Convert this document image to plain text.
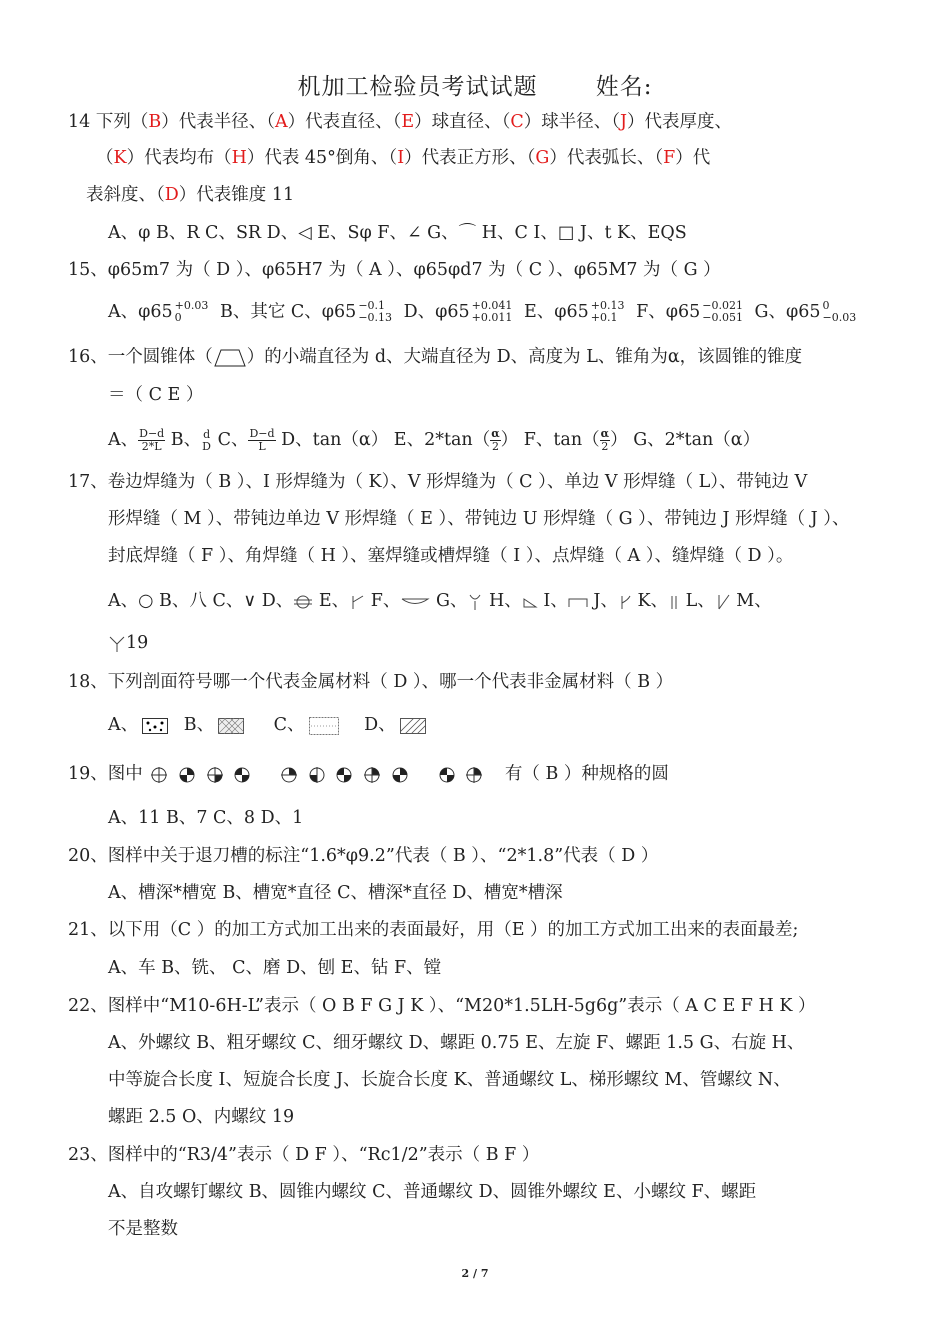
机加工检验员考试试题	姓名:
14 下列（B）代表半径、（A）代表直径、（E）球直径、（C）球半径、（J）代表厚度、
（K）代表均布（H）代表 45°倒角、（I）代表正方形、（G）代表弧长、（F）代
表斜度、（D）代表锥度 11
A、φ B、R C、SR D、◁ E、Sφ F、∠ G、⌒ H、C I、□ J、t K、EQS
15、φ65m7 为（ D ）、φ65H7 为（ A ）、φ65φd7 为（ C ）、φ65M7 为（ G ）
A、φ65 +0.03
0	B、其它 C、φ65 −0.1
−0.13 D、φ65 +0.041
+0.011 E、φ65 +0.13
+0.1	F、φ65 −0.021
−0.051 G、φ65 0
−0.03
16、一个圆锥体（ ）的小端直径为 d、大端直径为 D、高度为 L、锥角为α，该圆锥的锥度
＝（ C E ）
A、 $\frac{D-d}{2*L}$ B、 d
D C、 $\frac{D-d}{L}$ D、tan（α） E、$2*\tan( \frac{\alpha}{2}$ ） F、$\tan( \frac{\alpha}{2}$ ） G、2*tan（α）
17、卷边焊缝为（ B ）、I 形焊缝为（ K）、V 形焊缝为（ C ）、单边 V 形焊缝（ L）、带钝边 V
形焊缝（ M ）、带钝边单边 V 形焊缝（ E ）、带钝边 U 形焊缝（ G ）、带钝边 J 形焊缝（ J ）、
封底焊缝（ F ）、角焊缝（ H ）、塞焊缝或槽焊缝（ I ）、点焊缝（ A ）、缝焊缝（ D ）。
A、○ B、八 C、∨ D、 E、 F、 G、 H、 I、 J、 K、 L、 M、
19
18、下列剖面符号哪一个代表金属材料（ D ）、哪一个代表非金属材料（ B ）
A、	B、	C、	D、
19、图中	有（ B ）种规格的圆
A、11 B、7 C、8 D、1
20、图样中关于退刀槽的标注“1.6*φ9.2”代表（ B ）、“2*1.8”代表（ D ）
A、槽深*槽宽 B、槽宽*直径 C、槽深*直径 D、槽宽*槽深
21、以下用（C ）的加工方式加工出来的表面最好，用（E ）的加工方式加工出来的表面最差;
A、车 B、铣、 C、磨 D、刨 E、钻 F、镗
22、图样中“M10-6H-L”表示（ O B F G J K ）、“M20*1.5LH-5g6g”表示（ A C E F H K ）
A、外螺纹 B、粗牙螺纹 C、细牙螺纹 D、螺距 0.75 E、左旋 F、螺距 1.5 G、右旋 H、
中等旋合长度 I、短旋合长度 J、长旋合长度 K、普通螺纹 L、梯形螺纹 M、管螺纹 N、
螺距 2.5 O、内螺纹 19
23、图样中的“R3/4”表示（ D F ）、“Rc1/2”表示（ B F ）
A、自攻螺钉螺纹 B、圆锥内螺纹 C、普通螺纹 D、圆锥外螺纹 E、小螺纹 F、螺距
不是整数
2 / 7
